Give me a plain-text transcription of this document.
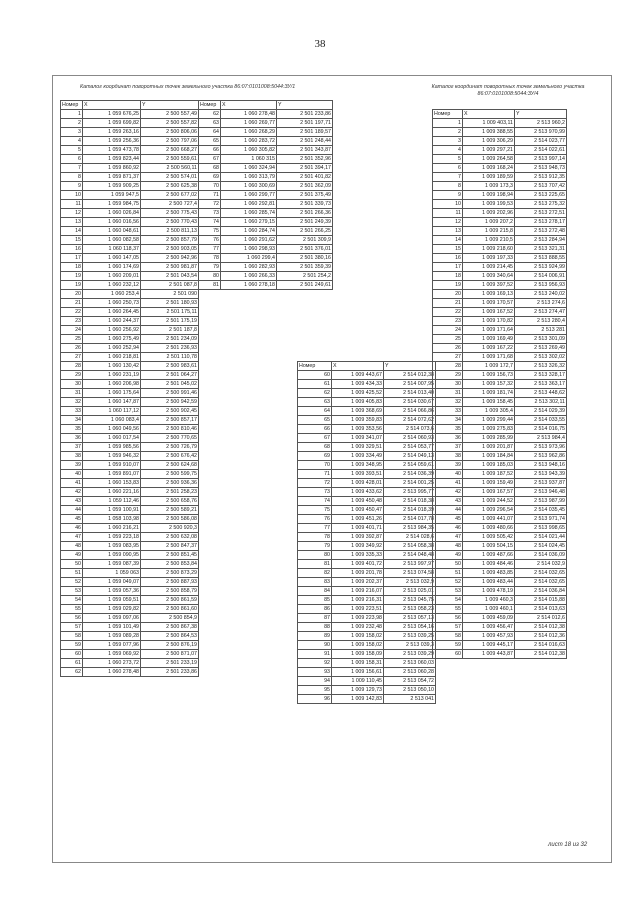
38
Каталог координат поворотных точек земельного участка 86:07:0101008:5044:ЗУ/1	Каталог координат поворотных точек земельного участка 86:07:0101008:5044:ЗУ/4
Номер	X	Y
1	1 059 676,25	2 500 557,49
2	1 059 699,82	2 500 557,82
3	1 059 263,16	2 500 806,06
4	1 059 256,36	2 500 797,06
5	1 059 473,78	2 500 668,27
6	1 059 823,44	2 500 559,61
7	1 059 860,92	2 500 560,11
8	1 059 871,37	2 500 574,01
9	1 059 909,25	2 500 625,38
10	1 059 947,5	2 500 677,02
11	1 059 984,75	2 500 727,4
12	1 060 026,84	2 500 775,43
13	1 060 016,56	2 500 770,43
14	1 060 048,61	2 500 811,13
15	1 060 082,58	2 500 857,79
16	1 060 118,37	2 500 903,05
17	1 060 147,05	2 500 942,96
18	1 060 174,69	2 500 981,87
19	1 060 209,01	2 501 043,54
19	1 060 232,12	2 501 087,8
20	1 060 253,4	2 501 090
21	1 060 250,73	2 501 180,93
22	1 060 264,45	2 501 175,11
23	1 060 244,37	2 501 175,19
24	1 060 256,92	2 501 187,8
25	1 060 275,49	2 501 234,09
26	1 060 252,94	2 501 236,93
27	1 060 218,81	2 501 110,78
28	1 060 130,42	2 500 983,61
29	1 060 231,19	2 501 064,27
30	1 060 206,98	2 501 045,02
31	1 060 175,64	2 500 991,46
32	1 060 147,87	2 500 942,59
33	1 060 117,12	2 500 902,45
34	1 060 083,4	2 500 857,17
35	1 060 049,56	2 500 810,46
36	1 060 017,54	2 500 770,65
37	1 059 985,56	2 500 726,79
38	1 059 946,32	2 500 676,42
39	1 059 910,07	2 500 624,68
40	1 059 891,07	2 500 599,75
41	1 060 153,83	2 500 936,36
42	1 060 221,16	2 501 258,23
43	1 059 112,46	2 500 658,76
44	1 059 100,91	2 500 589,21
45	1 058 103,98	2 500 586,08
46	1 060 216,21	2 500 920,3
47	1 059 223,18	2 500 632,08
48	1 059 083,95	2 500 847,37
49	1 059 090,95	2 500 851,45
50	1 059 087,39	2 500 853,84
51	1 059 063	2 500 873,29
52	1 059 049,07	2 500 887,93
53	1 059 057,36	2 500 858,79
54	1 059 059,51	2 500 861,59
55	1 059 029,82	2 500 861,60
56	1 059 097,06	2 500 854,9
57	1 059 101,49	2 500 867,38
58	1 059 089,28	2 500 864,53
59	1 059 077,96	2 500 876,19
60	1 059 069,92	2 500 871,07
61	1 060 273,72	2 501 233,19
62	1 060 278,48	2 501 233,86
Номер	X	Y
62	1 060 278,48	2 501 233,86
63	1 060 269,77	2 501 197,71
64	1 060 268,29	2 501 189,57
65	1 060 283,72	2 501 248,44
66	1 060 305,82	2 501 343,87
67	1 060 315	2 501 352,96
68	1 060 324,94	2 501 394,17
69	1 060 313,79	2 501 401,82
70	1 060 300,69	2 501 362,09
71	1 060 299,77	2 501 375,49
72	1 060 292,81	2 501 339,73
73	1 060 285,74	2 501 266,36
74	1 060 279,15	2 501 249,39
75	1 060 284,74	2 501 266,25
76	1 060 291,62	2 501 309,9
77	1 060 298,93	2 501 376,01
78	1 060 299,4	2 501 380,16
79	1 060 282,93	2 501 359,39
80	1 060 266,33	2 501 254,2
81	1 060 278,18	2 501 249,61
Номер	X	Y
60	1 009 443,67	2 514 012,38
61	1 009 434,33	2 514 007,95
62	1 009 425,52	2 514 013,40
63	1 009 405,83	2 514 030,67
64	1 009 368,69	2 514 066,86
65	1 009 359,83	2 514 072,62
66	1 009 353,56	2 514 073,6
67	1 009 341,07	2 514 060,93
68	1 009 329,51	2 514 053,77
69	1 009 334,49	2 514 049,13
70	1 009 348,95	2 514 059,61
71	1 009 393,51	2 514 036,39
72	1 009 428,01	2 514 001,25
73	1 009 433,62	2 513 995,77
74	1 009 450,48	2 514 018,38
75	1 009 450,47	2 514 018,39
76	1 009 451,26	2 514 017,78
77	1 009 401,71	2 513 984,35
78	1 009 392,87	2 514 028,6
79	1 009 349,92	2 514 058,38
80	1 009 335,33	2 514 048,48
81	1 009 401,72	2 513 997,97
82	1 009 201,78	2 513 074,58
83	1 009 202,37	2 513 032,9
84	1 009 216,07	2 513 025,01
85	1 009 216,31	2 513 045,75
86	1 009 223,51	2 513 058,23
87	1 009 223,98	2 513 057,13
88	1 009 232,48	2 513 054,16
89	1 009 158,02	2 513 039,25
90	1 009 158,02	2 513 039,3
91	1 009 158,09	2 513 039,29
92	1 009 158,31	2 513 060,03
93	1 009 156,61	2 513 060,28
94	1 009 110,45	2 513 054,72
95	1 009 129,73	2 513 050,10
96	1 009 142,83	2 513 041
Номер	X	Y
1	1 009 403,11	2 513 960,2
2	1 009 388,55	2 513 970,99
3	1 009 306,29	2 514 023,77
4	1 009 297,21	2 514 022,61
5	1 009 264,58	2 513 997,14
6	1 009 168,24	2 513 948,73
7	1 009 189,59	2 513 912,35
8	1 009 173,3	2 513 707,42
9	1 009 198,94	2 513 225,65
10	1 009 199,53	2 513 275,32
11	1 009 202,96	2 513 272,51
12	1 009 207,2	2 513 278,17
13	1 009 215,8	2 513 272,48
14	1 009 210,5	2 513 284,94
15	1 009 218,60	2 513 321,31
16	1 009 197,33	2 513 888,55
17	1 009 214,45	2 513 924,99
18	1 009 340,64	2 514 006,91
19	1 009 397,52	2 513 956,93
20	1 009 169,13	2 513 240,02
21	1 009 170,57	2 513 274,6
22	1 009 167,52	2 513 274,47
23	1 009 170,82	2 513 280,4
24	1 009 171,64	2 513 281
25	1 009 169,49	2 513 301,09
26	1 009 167,22	2 513 269,49
27	1 009 171,68	2 513 302,02
28	1 009 172,7	2 513 326,32
29	1 009 156,73	2 513 328,17
30	1 009 157,32	2 513 363,17
31	1 009 181,74	2 513 448,62
32	1 009 158,45	2 513 302,11
33	1 009 305,4	2 514 029,39
34	1 009 299,44	2 514 033,55
35	1 009 275,83	2 514 016,75
36	1 009 285,99	2 513 984,4
37	1 009 201,87	2 513 973,96
38	1 009 184,84	2 513 962,86
39	1 009 185,03	2 513 948,16
40	1 009 187,52	2 513 943,39
41	1 009 159,49	2 513 937,87
42	1 009 167,57	2 513 946,48
43	1 009 244,52	2 513 987,99
44	1 009 296,54	2 514 035,45
45	1 009 441,07	2 513 971,74
46	1 009 480,66	2 513 998,65
47	1 009 505,42	2 514 021,44
48	1 009 504,15	2 514 024,45
49	1 009 487,66	2 514 036,09
50	1 009 484,46	2 514 032,9
51	1 009 483,85	2 514 032,65
52	1 009 483,44	2 514 032,65
53	1 009 478,19	2 514 036,84
54	1 009 460,3	2 514 015,88
55	1 009 460,1	2 514 013,63
56	1 009 459,09	2 514 012,6
57	1 009 456,47	2 514 012,38
58	1 009 457,93	2 514 012,36
59	1 009 445,17	2 514 016,63
60	1 009 443,87	2 514 012,38
лист 18 из 32
